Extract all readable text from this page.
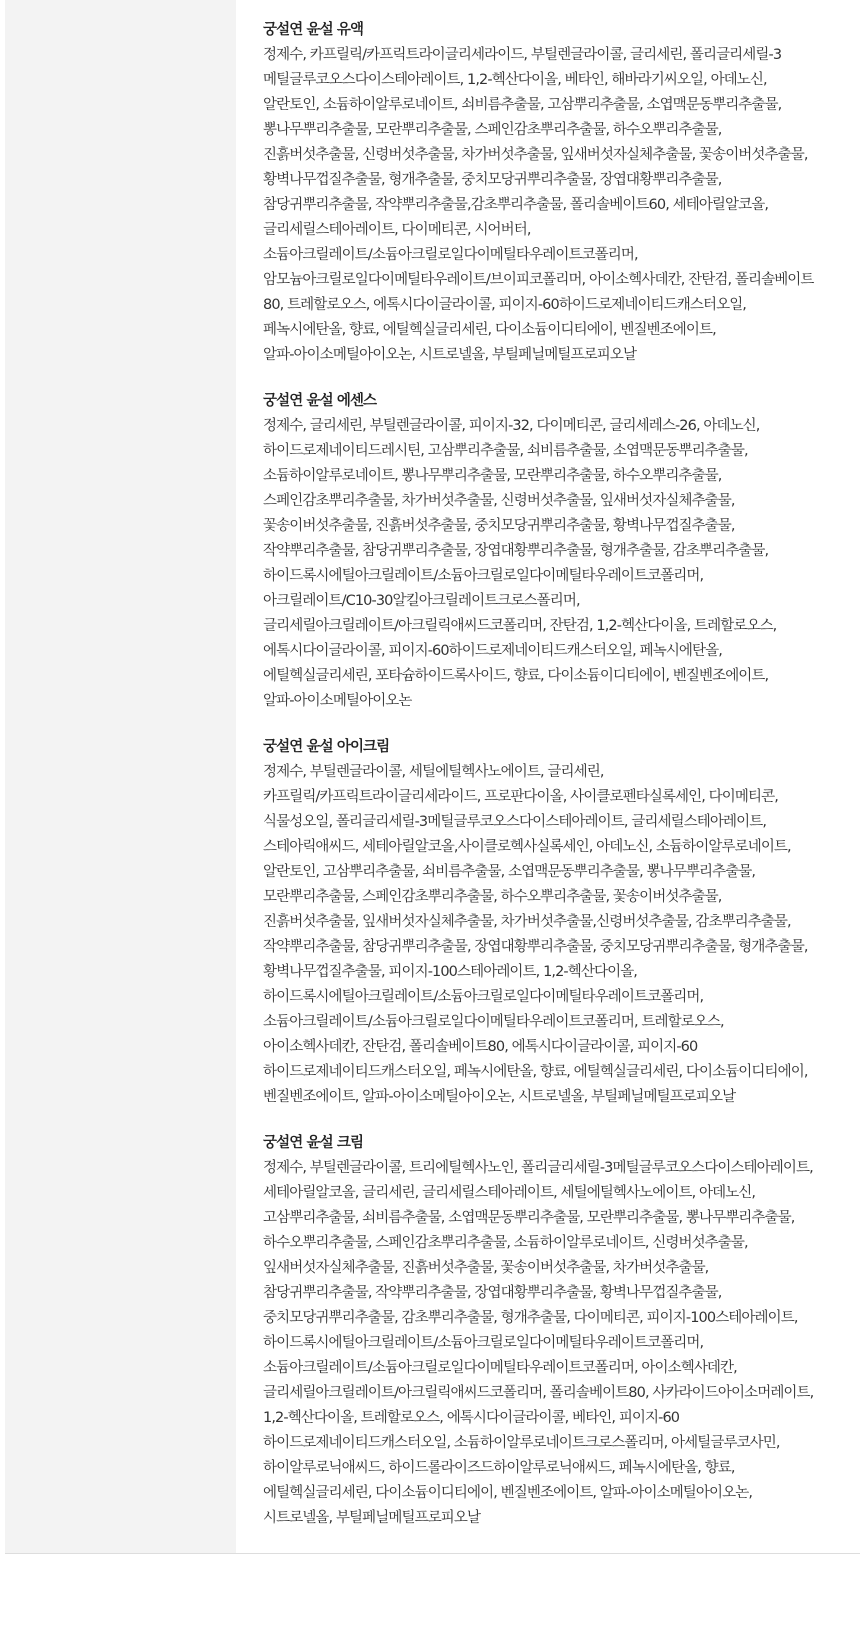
궁설연 윤설 유액
정제수, 카프릴릭/카프릭트라이글리세라이드, 부틸렌글라이콜, 글리세린, 폴리글리세릴-3
메틸글루코오스다이스테아레이트, 1,2-헥산다이올, 베타인, 해바라기씨오일, 아데노신,
알란토인, 소듐하이알루로네이트, 쇠비름추출물, 고삼뿌리추출물, 소엽맥문동뿌리추출물,
뽕나무뿌리추출물, 모란뿌리추출물, 스페인감초뿌리추출물, 하수오뿌리추출물,
진흙버섯추출물, 신령버섯추출물, 차가버섯추출물, 잎새버섯자실체추출물, 꽃송이버섯추출물,
황벽나무껍질추출물, 형개추출물, 중치모당귀뿌리추출물, 장엽대황뿌리추출물,
참당귀뿌리추출물, 작약뿌리추출물,감초뿌리추출물, 폴리솔베이트60, 세테아릴알코올,
글리세릴스테아레이트, 다이메티콘, 시어버터,
소듐아크릴레이트/소듐아크릴로일다이메틸타우레이트코폴리머,
암모늄아크릴로일다이메틸타우레이트/브이피코폴리머, 아이소헥사데칸, 잔탄검, 폴리솔베이트
80, 트레할로오스, 에톡시다이글라이콜, 피이지-60하이드로제네이티드캐스터오일,
페녹시에탄올, 향료, 에틸헥실글리세린, 다이소듐이디티에이, 벤질벤조에이트,
알파-아이소메틸아이오논, 시트로넬올, 부틸페닐메틸프로피오날
궁설연 윤설 에센스
정제수, 글리세린, 부틸렌글라이콜, 피이지-32, 다이메티콘, 글리세레스-26, 아데노신,
하이드로제네이티드레시틴, 고삼뿌리추출물, 쇠비름추출물, 소엽맥문동뿌리추출물,
소듐하이알루로네이트, 뽕나무뿌리추출물, 모란뿌리추출물, 하수오뿌리추출물,
스페인감초뿌리추출물, 차가버섯추출물, 신령버섯추출물, 잎새버섯자실체추출물,
꽃송이버섯추출물, 진흙버섯추출물, 중치모당귀뿌리추출물, 황벽나무껍질추출물,
작약뿌리추출물, 참당귀뿌리추출물, 장엽대황뿌리추출물, 형개추출물, 감초뿌리추출물,
하이드록시에틸아크릴레이트/소듐아크릴로일다이메틸타우레이트코폴리머,
아크릴레이트/C10-30알킬아크릴레이트크로스폴리머,
글리세릴아크릴레이트/아크릴릭애씨드코폴리머, 잔탄검, 1,2-헥산다이올, 트레할로오스,
에톡시다이글라이콜, 피이지-60하이드로제네이티드캐스터오일, 페녹시에탄올,
에틸헥실글리세린, 포타슘하이드록사이드, 향료, 다이소듐이디티에이, 벤질벤조에이트,
알파-아이소메틸아이오논
궁설연 윤설 아이크림
정제수, 부틸렌글라이콜, 세틸에틸헥사노에이트, 글리세린,
카프릴릭/카프릭트라이글리세라이드, 프로판다이올, 사이클로펜타실록세인, 다이메티콘,
식물성오일, 폴리글리세릴-3메틸글루코오스다이스테아레이트, 글리세릴스테아레이트,
스테아릭애씨드, 세테아릴알코올,사이클로헥사실록세인, 아데노신, 소듐하이알루로네이트,
알란토인, 고삼뿌리추출물, 쇠비름추출물, 소엽맥문동뿌리추출물, 뽕나무뿌리추출물,
모란뿌리추출물, 스페인감초뿌리추출물, 하수오뿌리추출물, 꽃송이버섯추출물,
진흙버섯추출물, 잎새버섯자실체추출물, 차가버섯추출물,신령버섯추출물, 감초뿌리추출물,
작약뿌리추출물, 참당귀뿌리추출물, 장엽대황뿌리추출물, 중치모당귀뿌리추출물, 형개추출물,
황벽나무껍질추출물, 피이지-100스테아레이트, 1,2-헥산다이올,
하이드록시에틸아크릴레이트/소듐아크릴로일다이메틸타우레이트코폴리머,
소듐아크릴레이트/소듐아크릴로일다이메틸타우레이트코폴리머, 트레할로오스,
아이소헥사데칸, 잔탄검, 폴리솔베이트80, 에톡시다이글라이콜, 피이지-60
하이드로제네이티드캐스터오일, 페녹시에탄올, 향료, 에틸헥실글리세린, 다이소듐이디티에이,
벤질벤조에이트, 알파-아이소메틸아이오논, 시트로넬올, 부틸페닐메틸프로피오날
궁설연 윤설 크림
정제수, 부틸렌글라이콜, 트리에틸헥사노인, 폴리글리세릴-3메틸글루코오스다이스테아레이트,
세테아릴알코올, 글리세린, 글리세릴스테아레이트, 세틸에틸헥사노에이트, 아데노신,
고삼뿌리추출물, 쇠비름추출물, 소엽맥문동뿌리추출물, 모란뿌리추출물, 뽕나무뿌리추출물,
하수오뿌리추출물, 스페인감초뿌리추출물, 소듐하이알루로네이트, 신령버섯추출물,
잎새버섯자실체추출물, 진흙버섯추출물, 꽃송이버섯추출물, 차가버섯추출물,
참당귀뿌리추출물, 작약뿌리추출물, 장엽대황뿌리추출물, 황벽나무껍질추출물,
중치모당귀뿌리추출물, 감초뿌리추출물, 형개추출물, 다이메티콘, 피이지-100스테아레이트,
하이드록시에틸아크릴레이트/소듐아크릴로일다이메틸타우레이트코폴리머,
소듐아크릴레이트/소듐아크릴로일다이메틸타우레이트코폴리머, 아이소헥사데칸,
글리세릴아크릴레이트/아크릴릭애씨드코폴리머, 폴리솔베이트80, 사카라이드아이소머레이트,
1,2-헥산다이올, 트레할로오스, 에톡시다이글라이콜, 베타인, 피이지-60
하이드로제네이티드캐스터오일, 소듐하이알루로네이트크로스폴리머, 아세틸글루코사민,
하이알루로닉애씨드, 하이드롤라이즈드하이알루로닉애씨드, 페녹시에탄올, 향료,
에틸헥실글리세린, 다이소듐이디티에이, 벤질벤조에이트, 알파-아이소메틸아이오논,
시트로넬올, 부틸페닐메틸프로피오날
